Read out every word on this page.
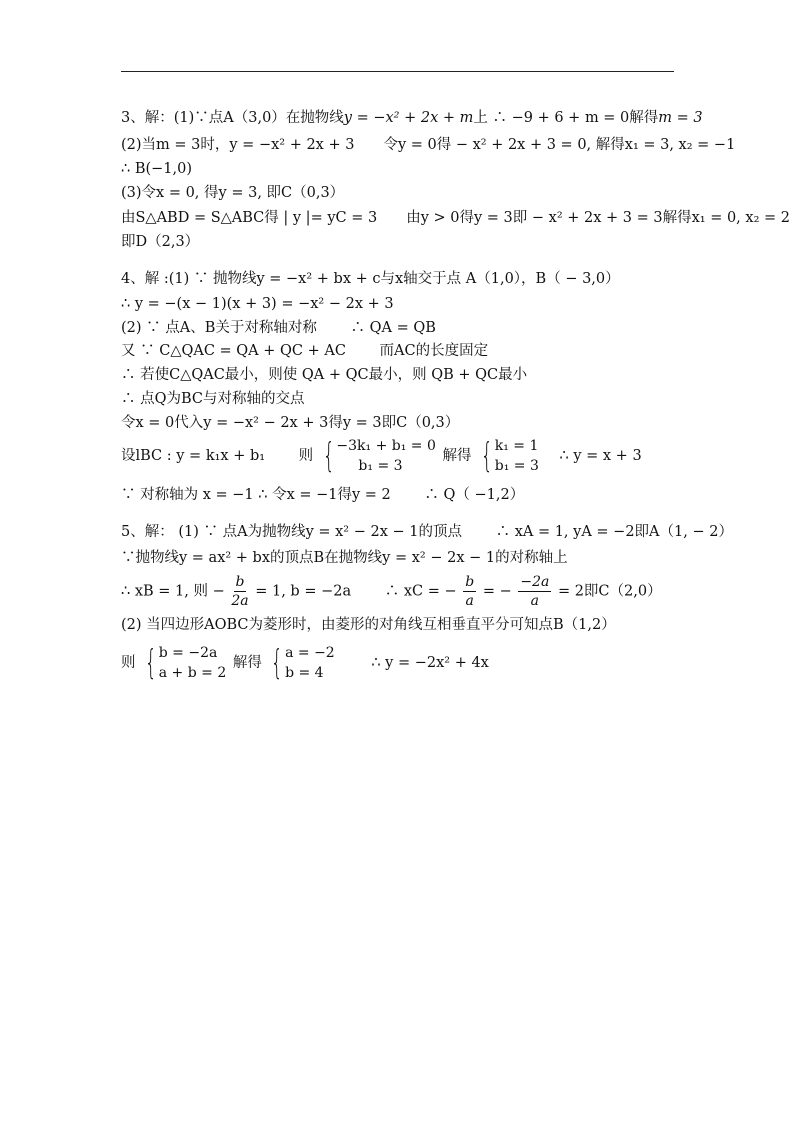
3、解：(1)∵点A（3,0）在抛物线y = −x² + 2x + m上 ∴ −9 + 6 + m = 0解得m = 3
(2)当m = 3时，y = −x² + 2x + 3　　令y = 0得 − x² + 2x + 3 = 0, 解得x₁ = 3, x₂ = −1
∴ B(−1,0)
(3)令x = 0, 得y = 3, 即C（0,3）
由S△ABD = S△ABC得 | y |= yC = 3　　由y > 0得y = 3即 − x² + 2x + 3 = 3解得x₁ = 0, x₂ = 2
即D（2,3）
4、解 :(1) ∵ 抛物线y = −x² + bx + c与x轴交于点 A（1,0），B（ − 3,0）
∴ y = −(x − 1)(x + 3) = −x² − 2x + 3
(2) ∵ 点A、B关于对称轴对称　　 ∴ QA = QB
又 ∵ C△QAC = QA + QC + AC　　 而AC的长度固定
∴ 若使C△QAC最小，则使 QA + QC最小，则 QB + QC最小
∴ 点Q为BC与对称轴的交点
令x = 0代入y = −x² − 2x + 3得y = 3即C（0,3）
设lBC : y = k₁x + b₁　　 则 { −3k₁ + b₁ = 0
b₁ = 3
解得 { k₁ = 1
b₁ = 3
∴ y = x + 3
∵ 对称轴为 x = −1 ∴ 令x = −1得y = 2　　 ∴ Q（ −1,2）
5、解： (1) ∵ 点A为抛物线y = x² − 2x − 1的顶点　　 ∴ xA = 1, yA = −2即A（1, − 2）
∵抛物线y = ax² + bx的顶点B在抛物线y = x² − 2x − 1的对称轴上
∴ xB = 1, 则 − $\frac{b}{2a} = 1$, b = −2a　　 ∴ xC = − $\frac{b}{a}$ = − $\frac{-2a}{a} = 2$即C（2,0）
(2) 当四边形AOBC为菱形时，由菱形的对角线互相垂直平分可知点B（1,2）
则 { b = −2a
a + b = 2
解得 { a = −2
b = 4
∴ y = −2x² + 4x
